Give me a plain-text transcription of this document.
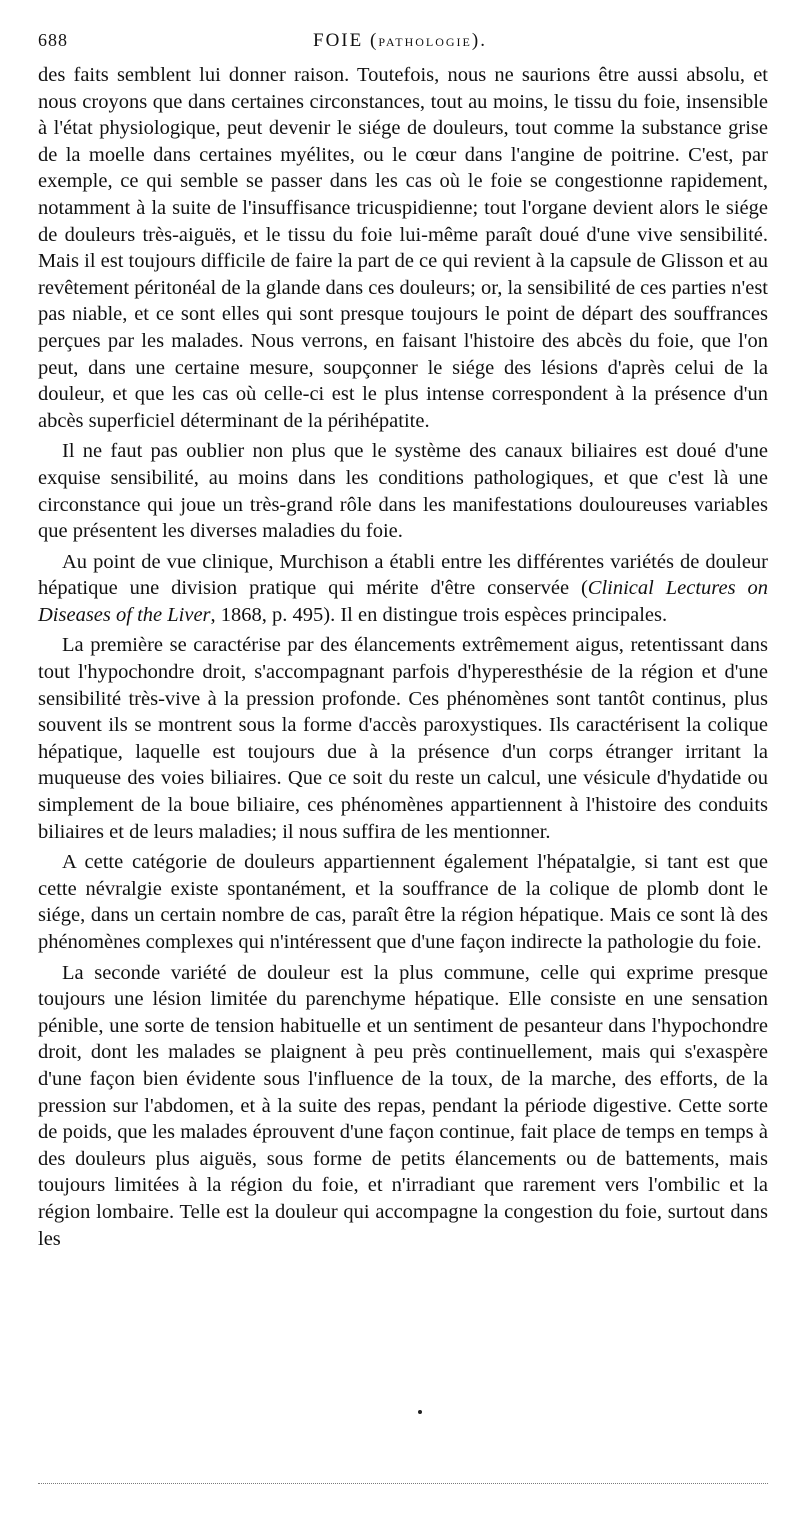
688	FOIE (PATHOLOGIE).

des faits semblent lui donner raison. Toutefois, nous ne saurions être aussi absolu, et nous croyons que dans certaines circonstances, tout au moins, le tissu du foie, insensible à l'état physiologique, peut devenir le siége de douleurs, tout comme la substance grise de la moelle dans certaines myélites, ou le cœur dans l'angine de poitrine. C'est, par exemple, ce qui semble se passer dans les cas où le foie se congestionne rapidement, notamment à la suite de l'insuffisance tricuspidienne; tout l'organe devient alors le siége de douleurs très-aiguës, et le tissu du foie lui-même paraît doué d'une vive sensibilité. Mais il est toujours difficile de faire la part de ce qui revient à la capsule de Glisson et au revêtement péritonéal de la glande dans ces douleurs; or, la sensibilité de ces parties n'est pas niable, et ce sont elles qui sont presque toujours le point de départ des souffrances perçues par les malades. Nous verrons, en faisant l'histoire des abcès du foie, que l'on peut, dans une certaine mesure, soupçonner le siége des lésions d'après celui de la douleur, et que les cas où celle-ci est le plus intense correspondent à la présence d'un abcès superficiel déterminant de la périhépatite.

Il ne faut pas oublier non plus que le système des canaux biliaires est doué d'une exquise sensibilité, au moins dans les conditions pathologiques, et que c'est là une circonstance qui joue un très-grand rôle dans les manifestations douloureuses variables que présentent les diverses maladies du foie.

Au point de vue clinique, Murchison a établi entre les différentes variétés de douleur hépatique une division pratique qui mérite d'être conservée (Clinical Lectures on Diseases of the Liver, 1868, p. 495). Il en distingue trois espèces principales.

La première se caractérise par des élancements extrêmement aigus, retentissant dans tout l'hypochondre droit, s'accompagnant parfois d'hyperesthésie de la région et d'une sensibilité très-vive à la pression profonde. Ces phénomènes sont tantôt continus, plus souvent ils se montrent sous la forme d'accès paroxystiques. Ils caractérisent la colique hépatique, laquelle est toujours due à la présence d'un corps étranger irritant la muqueuse des voies biliaires. Que ce soit du reste un calcul, une vésicule d'hydatide ou simplement de la boue biliaire, ces phénomènes appartiennent à l'histoire des conduits biliaires et de leurs maladies; il nous suffira de les mentionner.

A cette catégorie de douleurs appartiennent également l'hépatalgie, si tant est que cette névralgie existe spontanément, et la souffrance de la colique de plomb dont le siége, dans un certain nombre de cas, paraît être la région hépatique. Mais ce sont là des phénomènes complexes qui n'intéressent que d'une façon indirecte la pathologie du foie.

La seconde variété de douleur est la plus commune, celle qui exprime presque toujours une lésion limitée du parenchyme hépatique. Elle consiste en une sensation pénible, une sorte de tension habituelle et un sentiment de pesanteur dans l'hypochondre droit, dont les malades se plaignent à peu près continuellement, mais qui s'exaspère d'une façon bien évidente sous l'influence de la toux, de la marche, des efforts, de la pression sur l'abdomen, et à la suite des repas, pendant la période digestive. Cette sorte de poids, que les malades éprouvent d'une façon continue, fait place de temps en temps à des douleurs plus aiguës, sous forme de petits élancements ou de battements, mais toujours limitées à la région du foie, et n'irradiant que rarement vers l'ombilic et la région lombaire. Telle est la douleur qui accompagne la congestion du foie, surtout dans les
